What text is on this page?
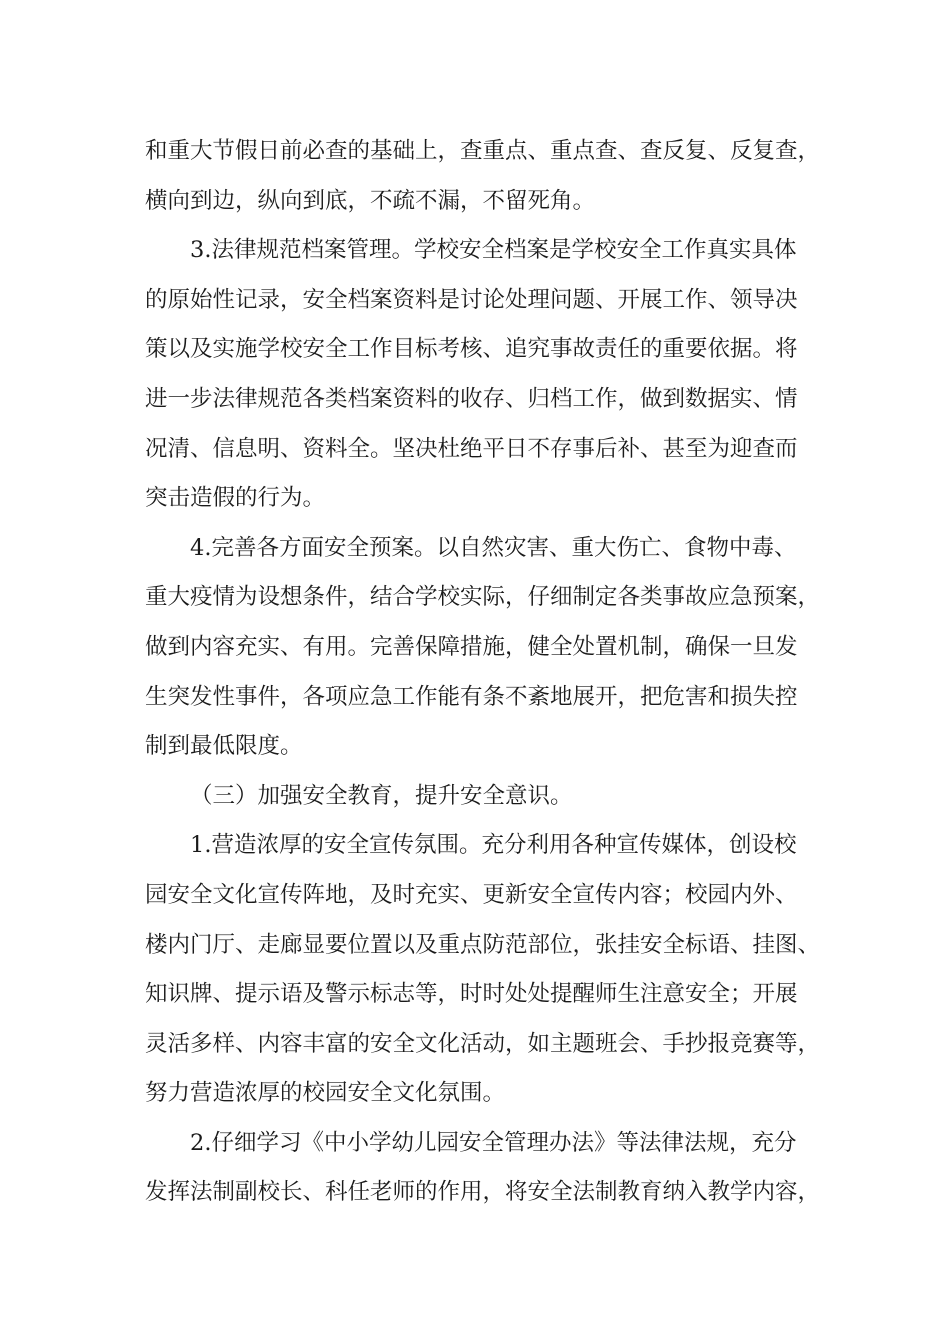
和重大节假日前必查的基础上，查重点、重点查、查反复、反复查，
横向到边，纵向到底，不疏不漏，不留死角。
3.法律规范档案管理。学校安全档案是学校安全工作真实具体
的原始性记录，安全档案资料是讨论处理问题、开展工作、领导决
策以及实施学校安全工作目标考核、追究事故责任的重要依据。将
进一步法律规范各类档案资料的收存、归档工作，做到数据实、情
况清、信息明、资料全。坚决杜绝平日不存事后补、甚至为迎查而
突击造假的行为。
4.完善各方面安全预案。以自然灾害、重大伤亡、食物中毒、
重大疫情为设想条件，结合学校实际，仔细制定各类事故应急预案，
做到内容充实、有用。完善保障措施，健全处置机制，确保一旦发
生突发性事件，各项应急工作能有条不紊地展开，把危害和损失控
制到最低限度。
（三）加强安全教育，提升安全意识。
1.营造浓厚的安全宣传氛围。充分利用各种宣传媒体，创设校
园安全文化宣传阵地，及时充实、更新安全宣传内容；校园内外、
楼内门厅、走廊显要位置以及重点防范部位，张挂安全标语、挂图、
知识牌、提示语及警示标志等，时时处处提醒师生注意安全；开展
灵活多样、内容丰富的安全文化活动，如主题班会、手抄报竞赛等，
努力营造浓厚的校园安全文化氛围。
2.仔细学习《中小学幼儿园安全管理办法》等法律法规，充分
发挥法制副校长、科任老师的作用，将安全法制教育纳入教学内容，
